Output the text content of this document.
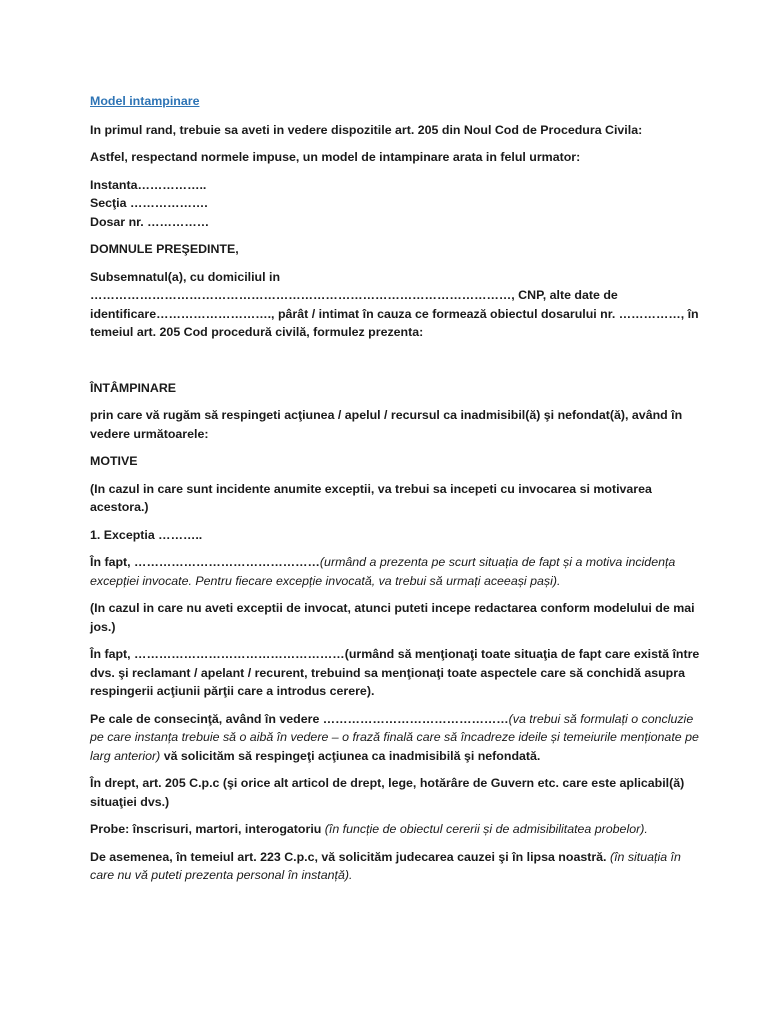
Model intampinare

In primul rand, trebuie sa aveti in vedere dispozitile art. 205 din Noul Cod de Procedura Civila:

Astfel, respectand normele impuse, un model de intampinare arata in felul urmator:

Instanta……………..

Secţia ……………….

Dosar nr. ……………

DOMNULE PREŞEDINTE,

Subsemnatul(a), cu domiciliul in …………………………………………………………………………………………, CNP, alte date de identificare………………………., pârât / intimat în cauza ce formează obiectul dosarului nr. ……………, în temeiul art. 205 Cod procedură civilă, formulez prezenta:

ÎNTÂMPINARE

prin care vă rugăm să respingeti acţiunea / apelul / recursul ca inadmisibil(ă) şi nefondat(ă), având în vedere următoarele:

MOTIVE

(In cazul in care sunt incidente anumite exceptii, va trebui sa incepeti cu invocarea si motivarea acestora.)

1. Exceptia ………..

În fapt, ………………………………………(urmând a prezenta pe scurt situația de fapt și a motiva incidența excepției invocate. Pentru fiecare excepție invocată, va trebui să urmați aceeași pași).

(In cazul in care nu aveti exceptii de invocat, atunci puteti incepe redactarea conform modelului de mai jos.)

În fapt, ……………………………………………(urmând să menţionaţi toate situaţia de fapt care există între dvs. şi reclamant / apelant / recurent, trebuind sa menţionaţi toate aspectele care să conchidă asupra respingerii acţiunii părţii care a introdus cerere).

Pe cale de consecinţă, având în vedere ………………………………………(va trebui să formulați o concluzie pe care instanța trebuie să o aibă în vedere – o frază finală care să încadreze ideile și temeiurile menționate pe larg anterior) vă solicităm să respingeţi acţiunea ca inadmisibilă şi nefondată.

În drept, art. 205 C.p.c (şi orice alt articol de drept, lege, hotărâre de Guvern etc. care este aplicabil(ă) situaţiei dvs.)

Probe: înscrisuri, martori, interogatoriu (în funcție de obiectul cererii și de admisibilitatea probelor).

De asemenea, în temeiul art. 223 C.p.c, vă solicităm judecarea cauzei şi în lipsa noastră. (în situația în care nu vă puteti prezenta personal în instanță).
